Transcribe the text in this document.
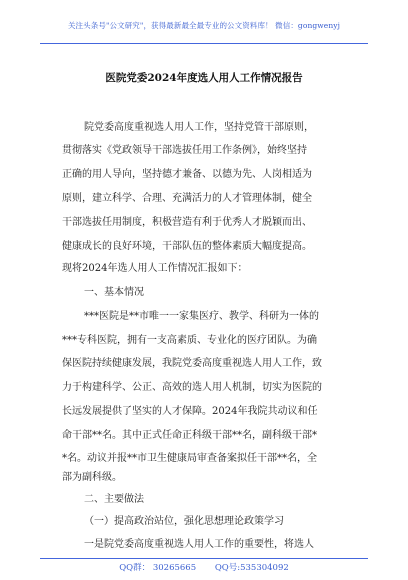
关注头条号"公文研究"，获得最新最全最专业的公文资料库！ 微信：gongwenyj
医院党委2024年度选人用人工作情况报告
院党委高度重视选人用人工作，坚持党管干部原则，
贯彻落实《党政领导干部选拔任用工作条例》，始终坚持
正确的用人导向，坚持德才兼备、以德为先、人岗相适为
原则，建立科学、合理、充满活力的人才管理体制，健全
干部选拔任用制度，积极营造有利于优秀人才脱颖而出、
健康成长的良好环境，干部队伍的整体素质大幅度提高。
现将2024年选人用人工作情况汇报如下：
一、基本情况
***医院是**市唯一一家集医疗、教学、科研为一体的
***专科医院，拥有一支高素质、专业化的医疗团队。为确
保医院持续健康发展，我院党委高度重视选人用人工作，致
力于构建科学、公正、高效的选人用人机制，切实为医院的
长远发展提供了坚实的人才保障。2024年我院共动议和任
命干部**名。其中正式任命正科级干部**名，副科级干部*
*名。动议并报**市卫生健康局审查备案拟任干部**名，全
部为副科级。
二、主要做法
（一）提高政治站位，强化思想理论政策学习
一是院党委高度重视选人用人工作的重要性，将选人
QQ群： 30265665 QQ号:535304092
